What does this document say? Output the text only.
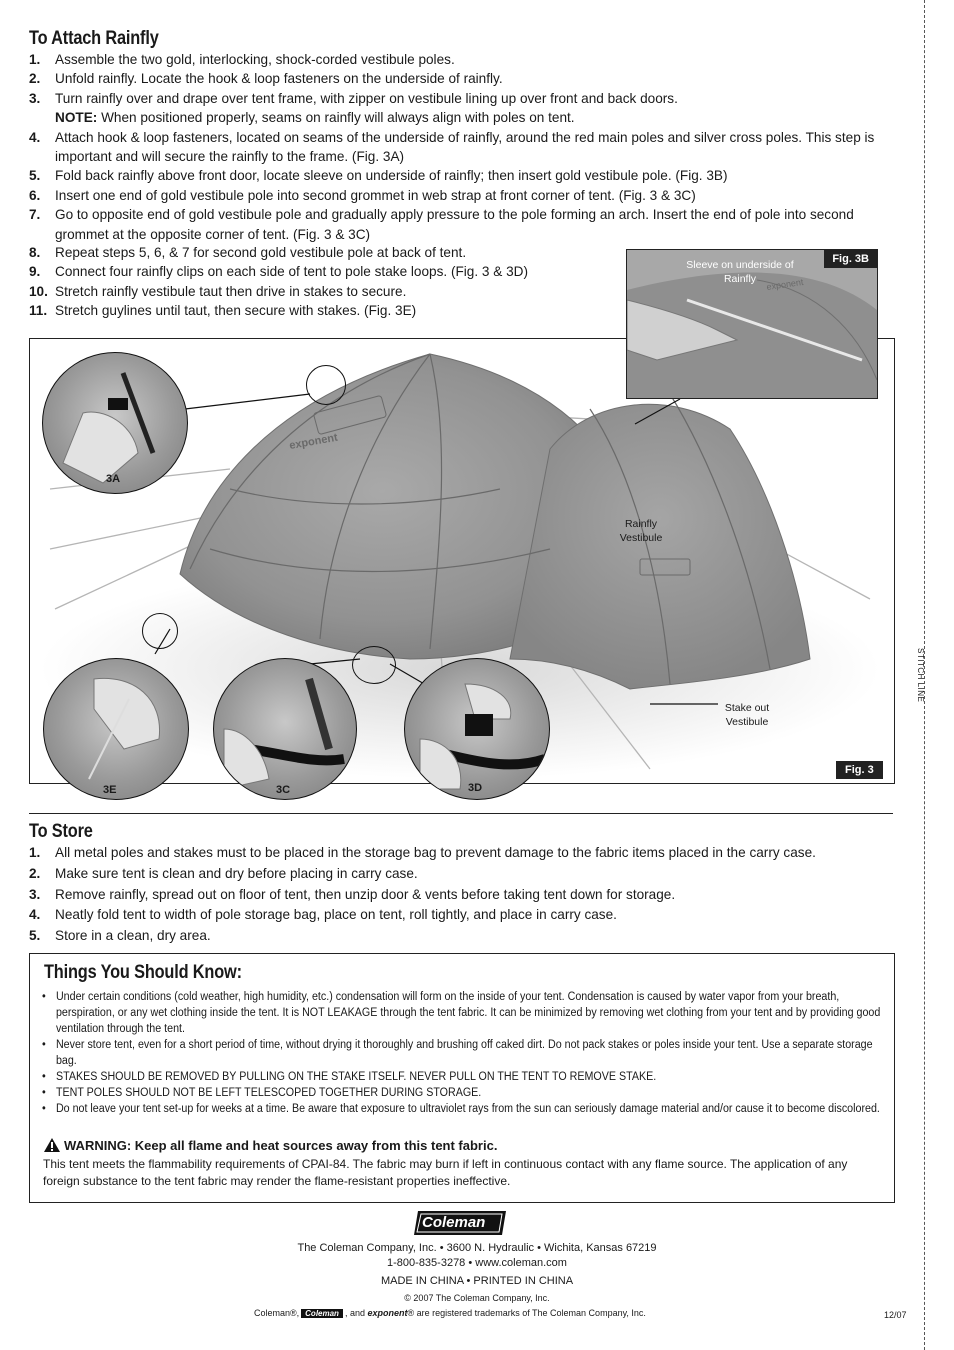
STITCH LINE
To Attach Rainfly
1.	Assemble the two gold, interlocking, shock-corded vestibule poles.
2.	Unfold rainfly. Locate the hook & loop fasteners on the underside of rainfly.
3.	Turn rainfly over and drape over tent frame, with zipper on vestibule lining up over front and back doors.
NOTE: When positioned properly, seams on rainfly will always align with poles on tent.
4.	Attach hook & loop fasteners, located on seams of the underside of rainfly, around the red main poles and silver cross poles. This step is important and will secure the rainfly to the frame. (Fig. 3A)
5.	Fold back rainfly above front door, locate sleeve on underside of rainfly; then insert gold vestibule pole. (Fig. 3B)
6.	Insert one end of gold vestibule pole into second grommet in web strap at front corner of tent. (Fig. 3 & 3C)
7.	Go to opposite end of gold vestibule pole and gradually apply pressure to the pole forming an arch. Insert the end of pole into second grommet at the opposite corner of tent. (Fig. 3 & 3C)
8.	Repeat steps 5, 6, & 7 for second gold vestibule pole at back of tent.
9.	Connect four rainfly clips on each side of tent to pole stake loops. (Fig. 3 & 3D)
10. Stretch rainfly vestibule taut then drive in stakes to secure.
11. Stretch guylines until taut, then secure with stakes. (Fig. 3E)
exponent
Rainfly Vestibule
Stake out Vestibule
Fig. 3
3A
3E	3C	3D
exponent
Sleeve on underside of Rainfly
Fig. 3B
To Store
1.	All metal poles and stakes must to be placed in the storage bag to prevent damage to the fabric items placed in the carry case.
2.	Make sure tent is clean and dry before placing in carry case.
3.	Remove rainfly, spread out on floor of tent, then unzip door & vents before taking tent down for storage.
4.	Neatly fold tent to width of pole storage bag, place on tent, roll tightly, and place in carry case.
5.	Store in a clean, dry area.
Things You Should Know:
• Under certain conditions (cold weather, high humidity, etc.) condensation will form on the inside of your tent. Condensation is caused by water vapor from your breath, perspiration, or any wet clothing inside the tent. It is NOT LEAKAGE through the tent fabric. It can be minimized by removing wet clothing from your tent and by providing good ventilation through the tent.
• Never store tent, even for a short period of time, without drying it thoroughly and brushing off caked dirt. Do not pack stakes or poles inside your tent. Use a separate storage bag.
• STAKES SHOULD BE REMOVED BY PULLING ON THE STAKE ITSELF. NEVER PULL ON THE TENT TO REMOVE STAKE.
• TENT POLES SHOULD NOT BE LEFT TELESCOPED TOGETHER DURING STORAGE.
• Do not leave your tent set-up for weeks at a time. Be aware that exposure to ultraviolet rays from the sun can seriously damage material and/or cause it to become discolored.
WARNING: Keep all flame and heat sources away from this tent fabric.
This tent meets the flammability requirements of CPAI-84. The fabric may burn if left in continuous contact with any flame source. The application of any foreign substance to the tent fabric may render the flame-resistant properties ineffective.
Coleman
The Coleman Company, Inc. • 3600 N. Hydraulic • Wichita, Kansas 67219
1-800-835-3278 • www.coleman.com
MADE IN CHINA • PRINTED IN CHINA
© 2007 The Coleman Company, Inc.
Coleman®, Coleman , and
exponent ® are registered trademarks of The Coleman Company, Inc.	12/07
